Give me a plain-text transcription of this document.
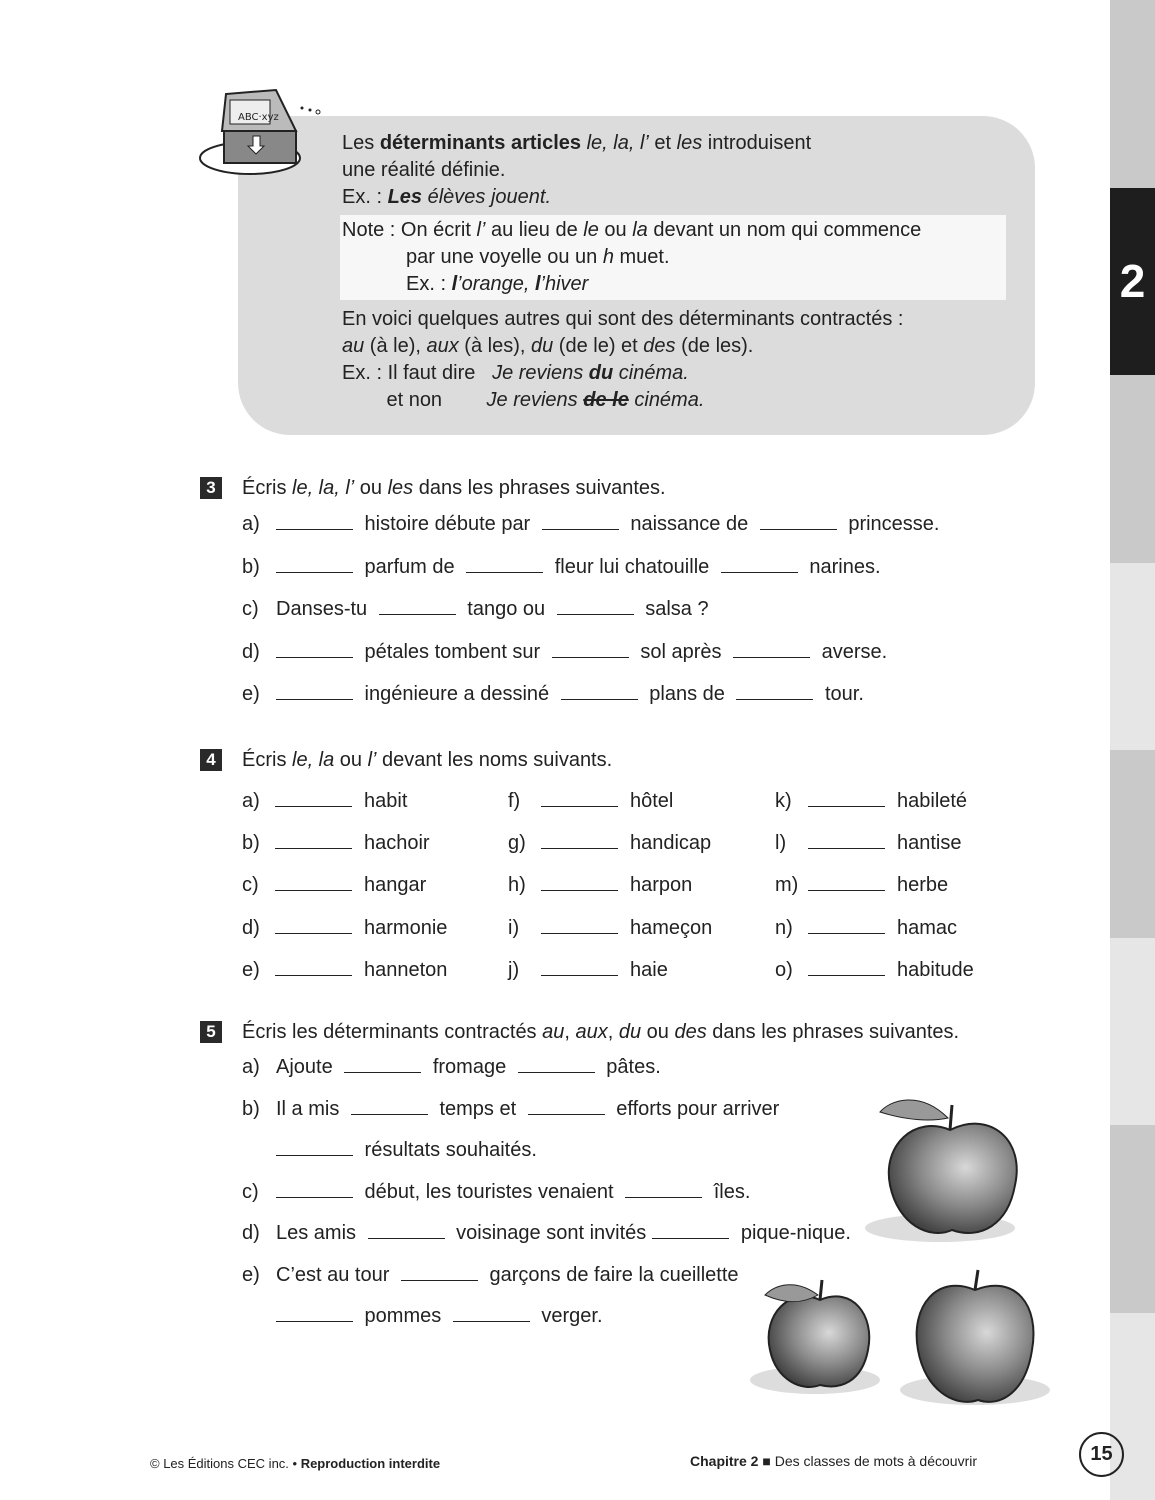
2
ABC·xyz
Les déterminants articles le, la, l’ et les introduisent
une réalité définie.
Ex. : Les élèves jouent.
Note : On écrit l’ au lieu de le ou la devant un nom qui commence
par une voyelle ou un h muet.
Ex. : l’orange, l’hiver
En voici quelques autres qui sont des déterminants contractés :
au (à le), aux (à les), du (de le) et des (de les).
Ex. : Il faut dire   Je reviens du cinéma.
et non        Je reviens de le cinéma.
3	Écris le, la, l’ ou les dans les phrases suivantes.
a)	histoire débute par	naissance de	princesse.
b)	parfum de	fleur lui chatouille	narines.
c) Danses-tu	tango ou	salsa ?
d)	pétales tombent sur	sol après	averse.
e)	ingénieure a dessiné	plans de	tour.
4	Écris le, la ou l’ devant les noms suivants.
a)	habit
b)	hachoir
c)	hangar
d)	harmonie
e)	hanneton
f)	hôtel
g)	handicap
h)	harpon
i)	hameçon
j)	haie
k)	habileté
l)	hantise
m)	herbe
n)	hamac
o)	habitude
5	Écris les déterminants contractés au, aux, du ou des dans les phrases suivantes.
a) Ajoute	fromage	pâtes.
b) Il a mis	temps et	efforts pour arriver
résultats souhaités.
c)	début, les touristes venaient	îles.
d) Les amis	voisinage sont invités	pique-nique.
e) C’est au tour	garçons de faire la cueillette
pommes	verger.
© Les Éditions CEC inc. • Reproduction interdite	Chapitre 2 ■ Des classes de mots à découvrir	15
